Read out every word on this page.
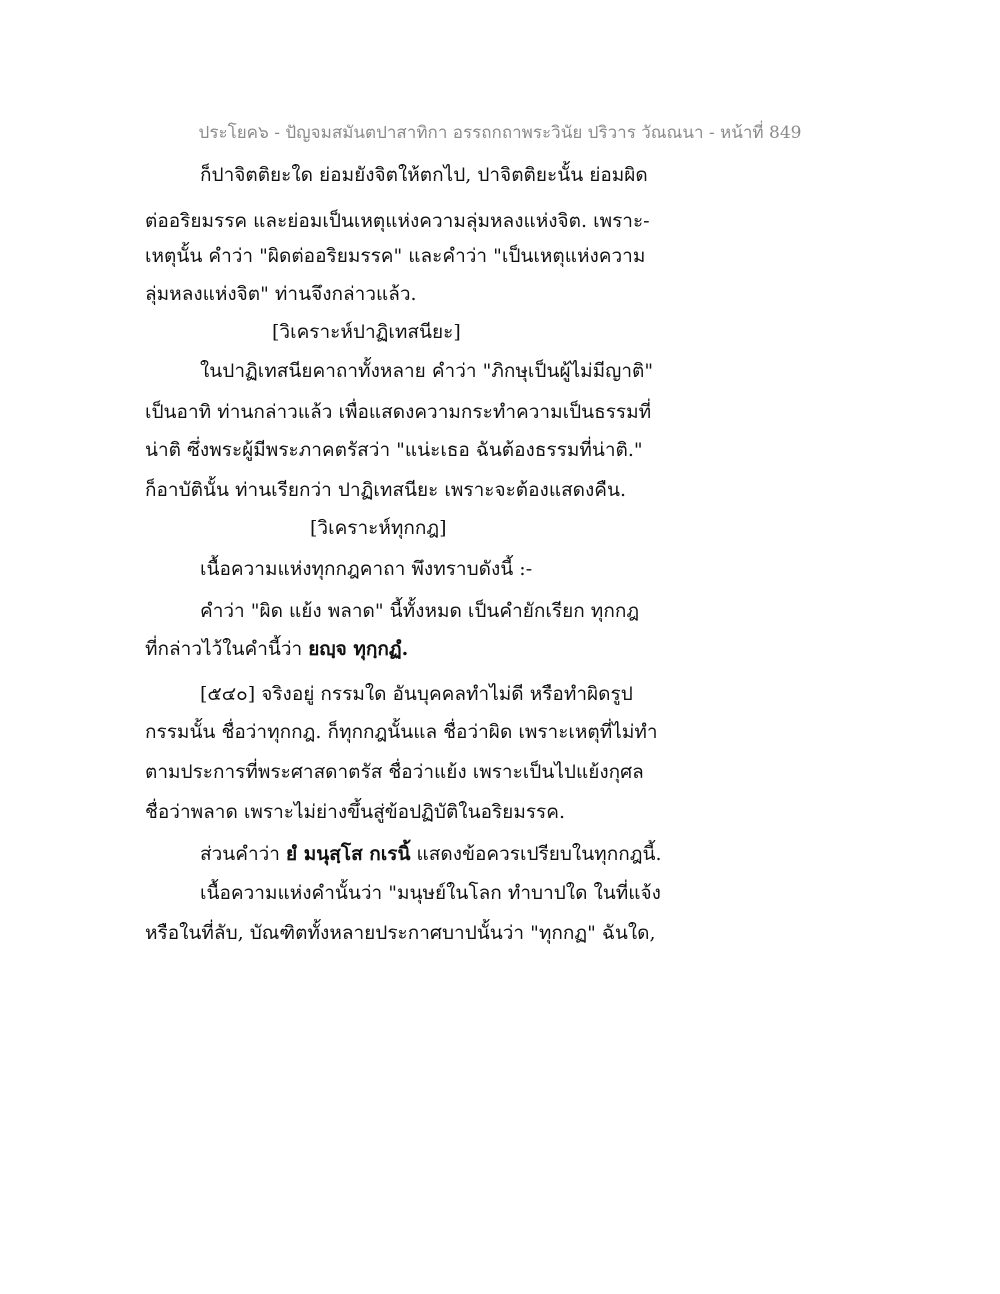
ประโยค๖ - ปัญจมสมันตปาสาทิกา อรรถกถาพระวินัย ปริวาร วัณณนา - หน้าที่ 849
ก็ปาจิตติยะใด ย่อมยังจิตให้ตกไป, ปาจิตติยะนั้น ย่อมผิด
ต่ออริยมรรค และย่อมเป็นเหตุแห่งความลุ่มหลงแห่งจิต. เพราะ-
เหตุนั้น คำว่า "ผิดต่ออริยมรรค" และคำว่า "เป็นเหตุแห่งความ
ลุ่มหลงแห่งจิต" ท่านจึงกล่าวแล้ว.
[วิเคราะห์ปาฏิเทสนียะ]
ในปาฏิเทสนียคาถาทั้งหลาย คำว่า "ภิกษุเป็นผู้ไม่มีญาติ"
เป็นอาทิ ท่านกล่าวแล้ว เพื่อแสดงความกระทำความเป็นธรรมที่
น่าติ ซึ่งพระผู้มีพระภาคตรัสว่า "แน่ะเธอ ฉันต้องธรรมที่น่าติ."
ก็อาบัตินั้น ท่านเรียกว่า ปาฏิเทสนียะ เพราะจะต้องแสดงคืน.
[วิเคราะห์ทุกกฎ]
เนื้อความแห่งทุกกฎคาถา พึงทราบดังนี้ :-
คำว่า "ผิด แย้ง พลาด" นี้ทั้งหมด เป็นคำยักเรียก ทุกกฎ
ที่กล่าวไว้ในคำนี้ว่า ยญฺจ ทุกฺกฏํ.
[๕๔๐] จริงอยู่ กรรมใด อันบุคคลทำไม่ดี หรือทำผิดรูป
กรรมนั้น ชื่อว่าทุกกฎ. ก็ทุกกฎนั้นแล ชื่อว่าผิด เพราะเหตุที่ไม่ทำ
ตามประการที่พระศาสดาตรัส ชื่อว่าแย้ง เพราะเป็นไปแย้งกุศล
ชื่อว่าพลาด เพราะไม่ย่างขึ้นสู่ข้อปฏิบัติในอริยมรรค.
ส่วนคำว่า ยํ มนุสฺโส กเรนิ้ แสดงข้อควรเปรียบในทุกกฎนี้.
เนื้อความแห่งคำนั้นว่า "มนุษย์ในโลก ทำบาปใด ในที่แจ้ง
หรือในที่ลับ, บัณฑิตทั้งหลายประกาศบาปนั้นว่า "ทุกกฏ" ฉันใด,
